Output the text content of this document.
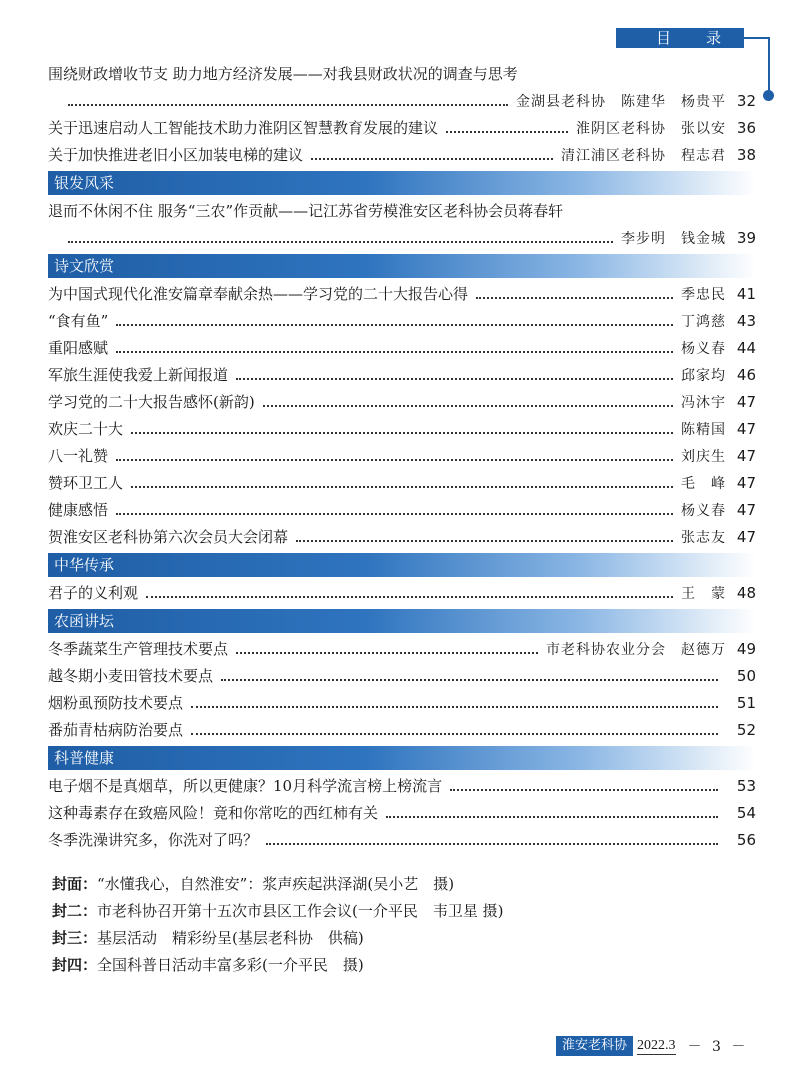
目 录
围绕财政增收节支 助力地方经济发展——对我县财政状况的调查与思考
金湖县老科协　陈建华　杨贵平 32
关于迅速启动人工智能技术助力淮阴区智慧教育发展的建议	淮阴区老科协　张以安 36
关于加快推进老旧小区加装电梯的建议	清江浦区老科协　程志君 38
银发风采
退而不休闲不住 服务“三农”作贡献——记江苏省劳模淮安区老科协会员蒋春轩
李步明　钱金城 39
诗文欣赏
为中国式现代化淮安篇章奉献余热——学习党的二十大报告心得	季忠民 41
“食有鱼”	丁鸿慈 43
重阳感赋	杨义春 44
军旅生涯使我爱上新闻报道	邱家均 46
学习党的二十大报告感怀(新韵)	冯沐宇 47
欢庆二十大	陈精国 47
八一礼赞	刘庆生 47
赞环卫工人	毛　峰 47
健康感悟	杨义春 47
贺淮安区老科协第六次会员大会闭幕	张志友 47
中华传承
君子的义利观	王　蒙 48
农函讲坛
冬季蔬菜生产管理技术要点	市老科协农业分会　赵德万 49
越冬期小麦田管技术要点	50
烟粉虱预防技术要点	51
番茄青枯病防治要点	52
科普健康
电子烟不是真烟草，所以更健康？10月科学流言榜上榜流言	53
这种毒素存在致癌风险！竟和你常吃的西红柿有关	54
冬季洗澡讲究多，你洗对了吗？	56
封面：“水懂我心，自然淮安”：浆声疾起洪泽湖(吴小艺　摄)
封二：市老科协召开第十五次市县区工作会议(一介平民　韦卫星 摄)
封三：基层活动　精彩纷呈(基层老科协　供稿)
封四：全国科普日活动丰富多彩(一介平民　摄)
淮安老科协 2022.3 － 3 －
